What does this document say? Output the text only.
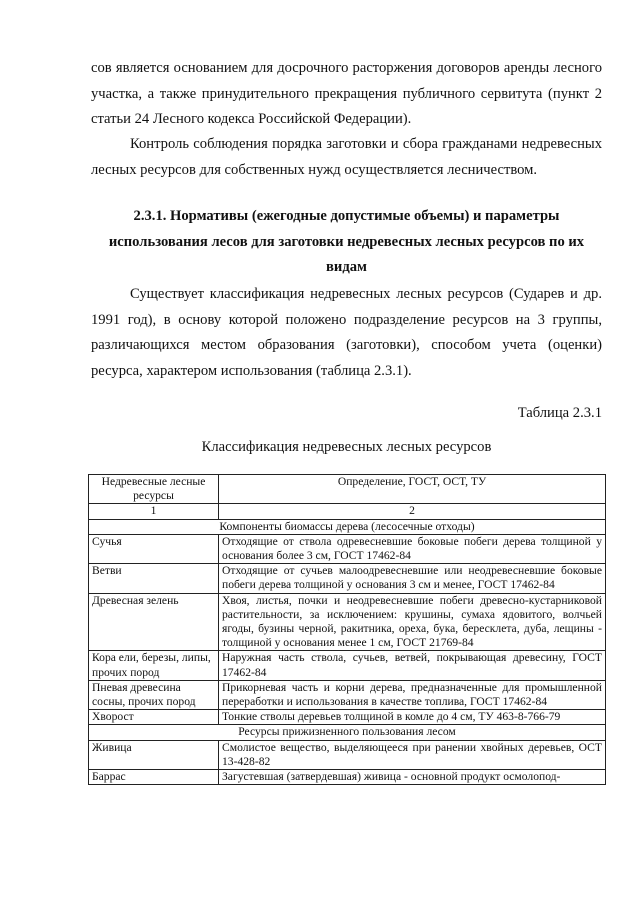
сов является основанием для досрочного расторжения договоров аренды лесного участка, а также принудительного прекращения публичного сервитута (пункт 2 статьи 24 Лесного кодекса Российской Федерации).

Контроль соблюдения порядка заготовки и сбора гражданами недревесных лесных ресурсов для собственных нужд осуществляется лесничеством.

2.3.1. Нормативы (ежегодные допустимые объемы) и параметры использования лесов для заготовки недревесных лесных ресурсов по их видам

Существует классификация недревесных лесных ресурсов (Сударев и др. 1991 год), в основу которой положено подразделение ресурсов на 3 группы, различающихся местом образования (заготовки), способом учета (оценки) ресурса, характером использования (таблица 2.3.1).

Таблица 2.3.1

Классификация недревесных лесных ресурсов

Недревесные лесные ресурсы	Определение, ГОСТ, ОСТ, ТУ
1	2
Компоненты биомассы дерева (лесосечные отходы)	
Сучья	Отходящие от ствола одревесневшие боковые побеги дерева толщиной у основания более 3 см, ГОСТ 17462-84
Ветви	Отходящие от сучьев малоодревесневшие или неодревесневшие боковые побеги дерева толщиной у основания 3 см и менее, ГОСТ 17462-84
Древесная зелень	Хвоя, листья, почки и неодревесневшие побеги древесно-кустарниковой растительности, за исключением: крушины, сумаха ядовитого, волчьей ягоды, бузины черной, ракитника, ореха, бука, бересклета, дуба, лещины - толщиной у основания менее 1 см, ГОСТ 21769-84
Кора ели, березы, липы, прочих пород	Наружная часть ствола, сучьев, ветвей, покрывающая древесину, ГОСТ 17462-84
Пневая древесина сосны, прочих пород	Прикорневая часть и корни дерева, предназначенные для промышленной переработки и использования в качестве топлива, ГОСТ 17462-84
Хворост	Тонкие стволы деревьев толщиной в комле до 4 см, ТУ 463-8-766-79
Ресурсы прижизненного пользования лесом	
Живица	Смолистое вещество, выделяющееся при ранении хвойных деревьев, ОСТ 13-428-82
Баррас	Загустевшая (затвердевшая) живица - основной продукт осмолопод-
